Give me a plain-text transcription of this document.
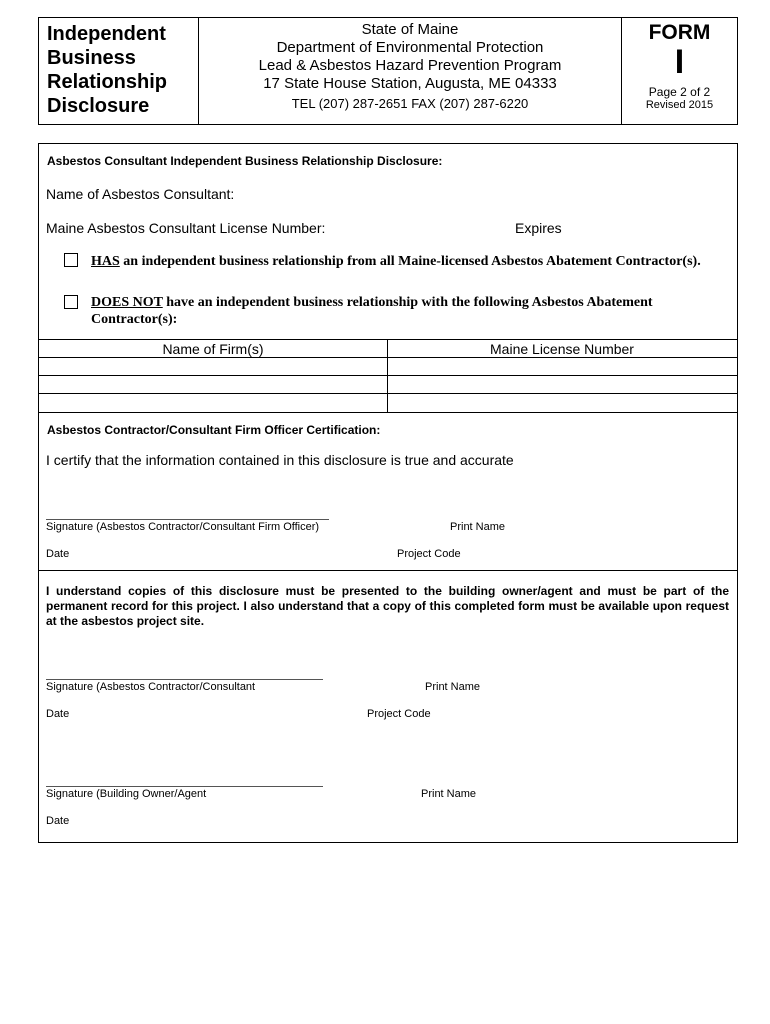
Independent
Business
Relationship
Disclosure
State of Maine
Department of Environmental Protection
Lead & Asbestos Hazard Prevention Program
17 State House Station, Augusta, ME 04333
TEL (207) 287-2651 FAX (207) 287-6220
FORM
I
Page 2 of 2
Revised 2015
Asbestos Consultant Independent Business Relationship Disclosure:
Name of Asbestos Consultant:
Maine Asbestos Consultant License Number:	Expires
HAS an independent business relationship from all Maine-licensed Asbestos Abatement Contractor(s).
DOES NOT have an independent business relationship with the following Asbestos Abatement
Contractor(s):
Name of Firm(s)	Maine License Number
Asbestos Contractor/Consultant Firm Officer Certification:
I certify that the information contained in this disclosure is true and accurate
Signature (Asbestos Contractor/Consultant Firm Officer)	Print Name
Date	Project Code
I understand copies of this disclosure must be presented to the building owner/agent and must be part of the permanent record for this project. I also understand that a copy of this completed form must be available upon request at the asbestos project site.
Signature (Asbestos Contractor/Consultant	Print Name
Date	Project Code
Signature (Building Owner/Agent	Print Name
Date
